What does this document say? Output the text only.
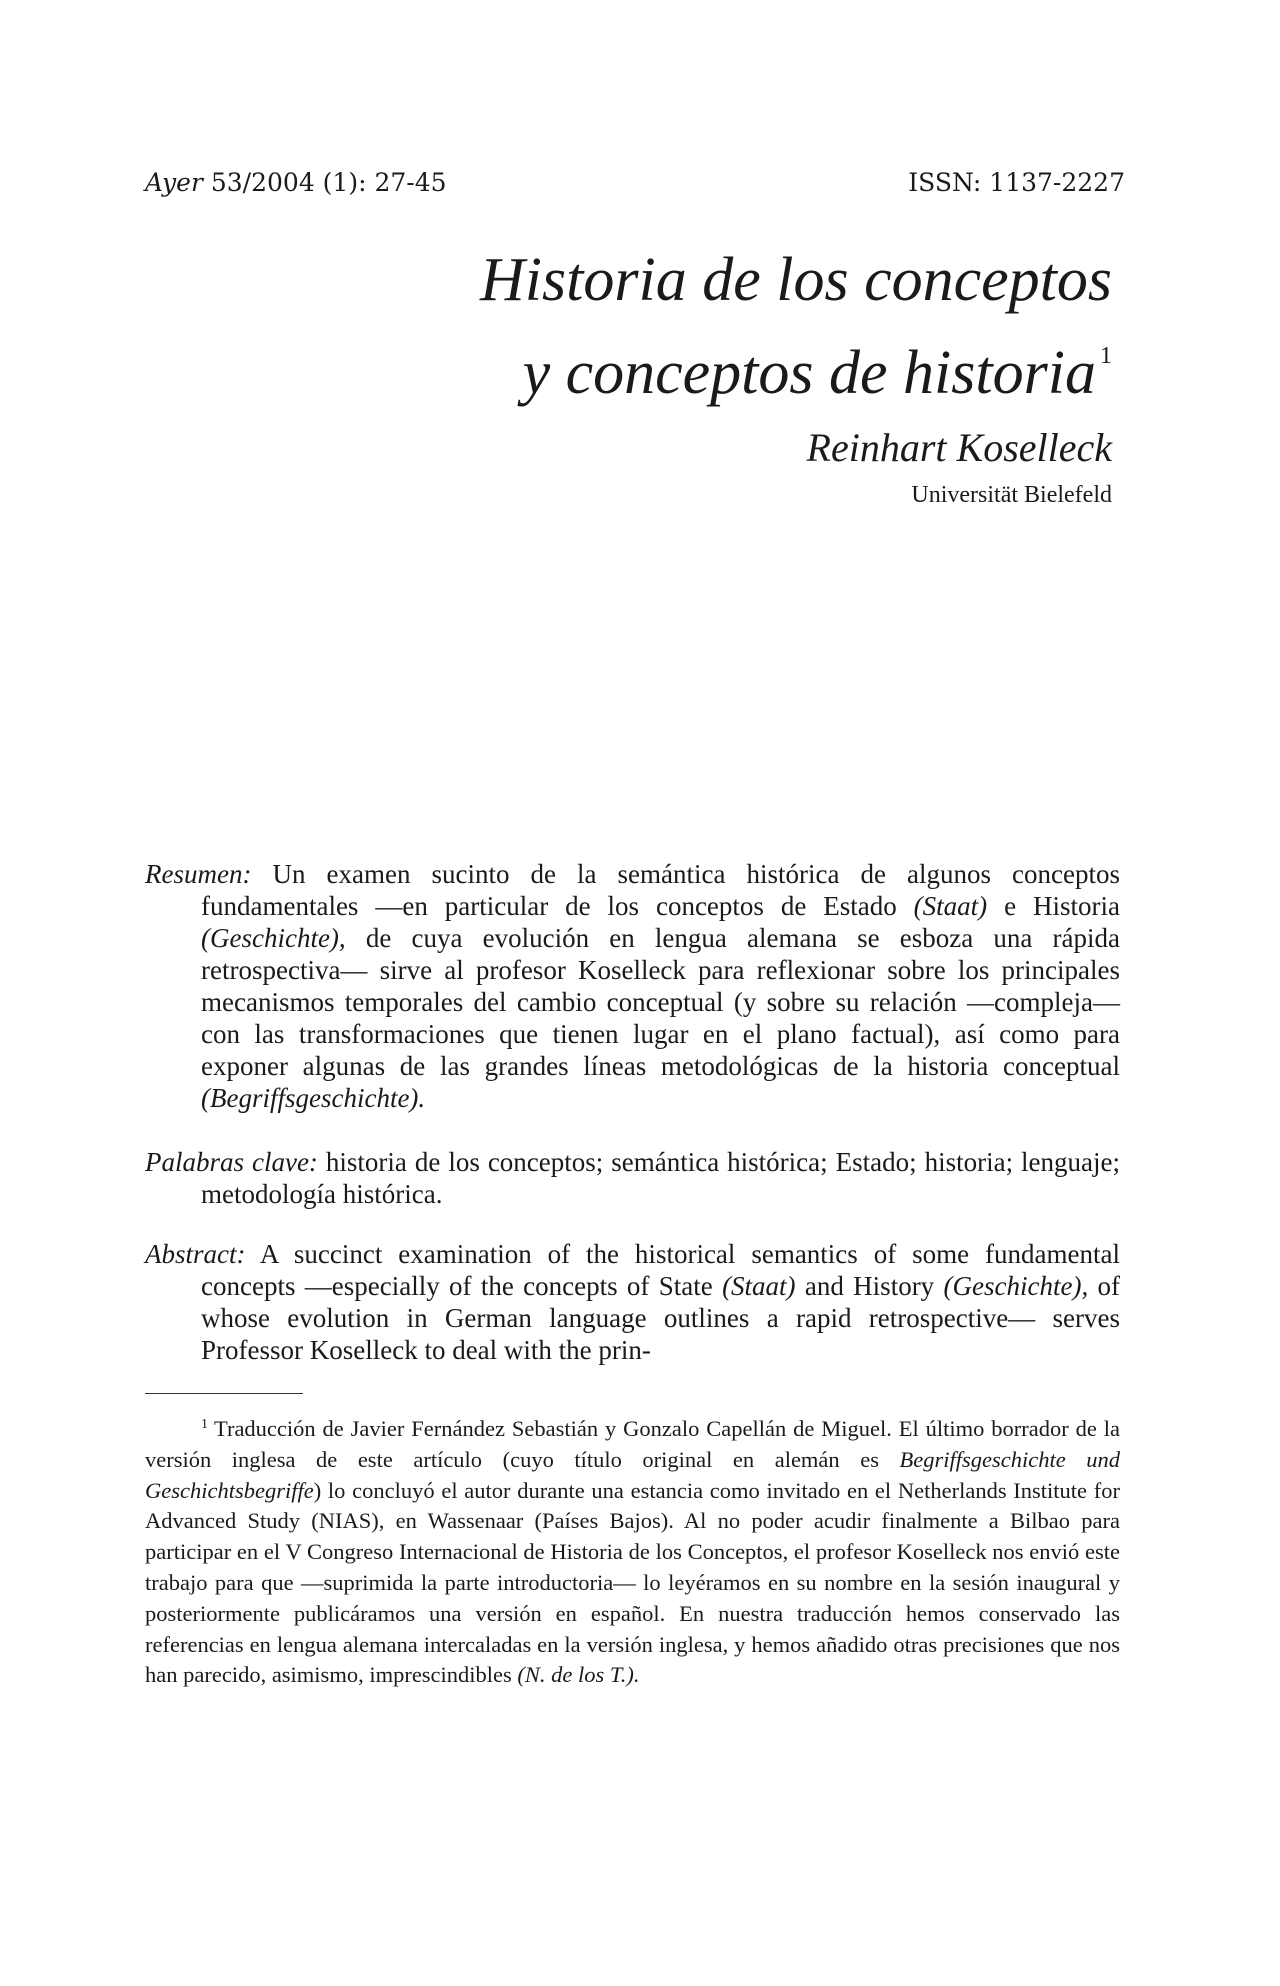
Ayer 53/2004 (1): 27-45	ISSN: 1137-2227
Historia de los conceptos
y conceptos de historia $^1$
Reinhart Koselleck
Universität Bielefeld

Resumen: Un examen sucinto de la semántica histórica de algunos conceptos fundamentales —en particular de los conceptos de Estado (Staat) e Historia (Geschichte), de cuya evolución en lengua alemana se esboza una rápida retrospectiva— sirve al profesor Koselleck para reflexionar sobre los principales mecanismos temporales del cambio conceptual (y sobre su relación —compleja— con las transformaciones que tienen lugar en el plano factual), así como para exponer algunas de las grandes líneas metodológicas de la historia conceptual (Begriffsgeschichte).

Palabras clave: historia de los conceptos; semántica histórica; Estado; historia; lenguaje; metodología histórica.

Abstract: A succinct examination of the historical semantics of some fundamental concepts —especially of the concepts of State (Staat) and History (Geschichte), of whose evolution in German language outlines a rapid retrospective— serves Professor Koselleck to deal with the prin-

$^1$ Traducción de Javier Fernández Sebastián y Gonzalo Capellán de Miguel. El último borrador de la versión inglesa de este artículo (cuyo título original en alemán es Begriffsgeschichte und Geschichtsbegriffe) lo concluyó el autor durante una estancia como invitado en el Netherlands Institute for Advanced Study (NIAS), en Wassenaar (Países Bajos). Al no poder acudir finalmente a Bilbao para participar en el V Congreso Internacional de Historia de los Conceptos, el profesor Koselleck nos envió este trabajo para que —suprimida la parte introductoria— lo leyéramos en su nombre en la sesión inaugural y posteriormente publicáramos una versión en español. En nuestra traducción hemos conservado las referencias en lengua alemana intercaladas en la versión inglesa, y hemos añadido otras precisiones que nos han parecido, asimismo, imprescindibles (N. de los T.).
